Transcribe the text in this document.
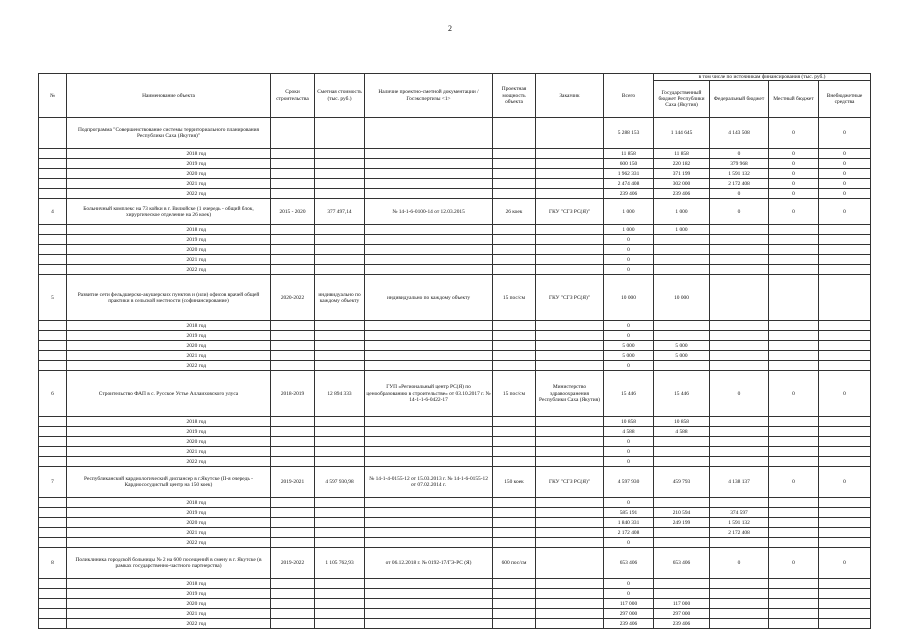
2
№	Наименование объекта	Сроки строительства	Сметная стоимость (тыс. руб.)	Наличие проектно-сметной документации / Госэкспертизы <1>	Проектная мощность объекта	Заказчик	Всего	в том числе по источникам финансирования (тыс. руб.)			
								Государственный бюджет Республики Саха (Якутия)	Федеральный бюджет	Местный бюджет	Внебюджетные средства
	Подпрограмма "Совершенствование системы территориального планирования Республики Саха (Якутия)"						5 288 153	1 144 645	4 143 508	0	0
	2018 год						11 858	11 858	0	0	0
	2019 год						600 150	220 182	379 968	0	0
	2020 год						1 962 331	371 199	1 591 132	0	0
	2021 год						2 474 408	302 000	2 172 408	0	0
	2022 год						239 406	239 406	0	0	0
4	Больничный комплекс на 73 койки в г. Вилюйске (1 очередь - общий блок, хирургическое отделение на 26 коек)	2015 - 2020	377 497,14	№ 14-1-6-0100-14 от 12.03.2015	26 коек	ГКУ "СГЗ РС(Я)"	1 000	1 000	0	0	0
	2018 год						1 000	1 000			
	2019 год						0				
	2020 год						0				
	2021 год						0				
	2022 год						0				
5	Развитие сети фельдшерско-акушерских пунктов и (или) офисов врачей общей практики в сельской местности (софинансирование)	2020-2022	индивидуально по каждому объекту	индивидуально по каждому объекту	15 пос/см	ГКУ "СГЗ РС(Я)"	10 000	10 000			
	2018 год						0				
	2019 год						0				
	2020 год						5 000	5 000			
	2021 год						5 000	5 000			
	2022 год						0				
6	Строительство ФАП в с. Русское Устье Аллаиховского улуса	2018-2019	12 894 333	ГУП «Региональный центр РС(Я) по ценообразованию в строительстве» от 03.10.2017 г. № 14-1-1-6-0422-17	15 пос/см	Министерство здравоохранения Республики Саха (Якутия)	15 446	15 446	0	0	0
	2018 год						10 858	10 858			
	2019 год						4 588	4 588			
	2020 год						0				
	2021 год						0				
	2022 год						0				
7	Республиканский кардиологический диспансер в г.Якутске (II-я очередь - Кардиососудистый центр на 150 коек)	2019-2021	4 597 930,98	№ 14-1-4-0155-12 от 15.03.2013 г. № 14-1-6-0155-12 от 07.02.2014 г.	150 коек	ГКУ "СГЗ РС(Я)"	4 597 930	459 793	4 138 137	0	0
	2018 год						0				
	2019 год						585 191	210 594	374 597		
	2020 год						1 840 331	249 199	1 591 132		
	2021 год						2 172 408		2 172 408		
	2022 год						0				
8	Поликлиника городской больницы № 2 на 600 посещений в смену в г. Якутске (в рамках государственно-частного партнерства)	2019-2022	1 105 762,93	от 06.12.2018 г. № 0192-17/ГЭ-РС (Я)	600 пос/см		653 406	653 406	0	0	0
	2018 год						0				
	2019 год						0				
	2020 год						117 000	117 000			
	2021 год						297 000	297 000			
	2022 год						239 406	239 406			
